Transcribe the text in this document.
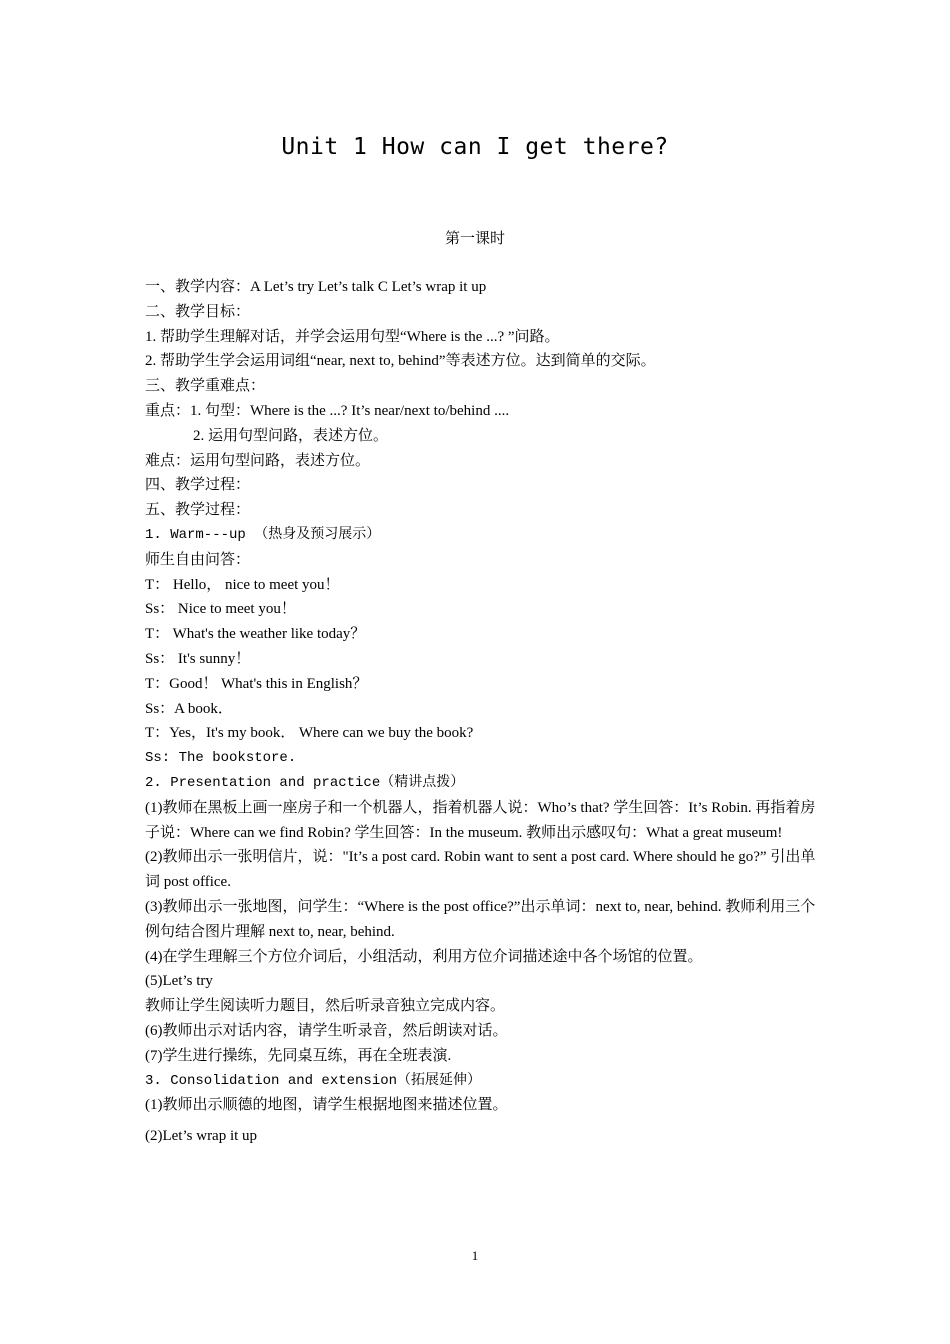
Unit 1 How can I get there?
第一课时
一、教学内容：A Let’s try Let’s talk C Let’s wrap it up
二、教学目标：
1. 帮助学生理解对话，并学会运用句型“Where is the ...? ”问路。
2. 帮助学生学会运用词组“near, next to, behind”等表述方位。达到简单的交际。
三、教学重难点：
重点：1. 句型：Where is the ...? It’s near/next to/behind ....
2. 运用句型问路，表述方位。
难点：运用句型问路，表述方位。
四、教学过程：
五、教学过程：
1. Warm---up （热身及预习展示）
师生自由问答：
T： Hello， nice to meet you！
Ss： Nice to meet you！
T： What's the weather like today？
Ss： It's sunny！
T：Good！ What's this in English？
Ss：A book．
T：Yes，It's my book． Where can we buy the book?
Ss: The bookstore.
2. Presentation and practice（精讲点拨）
(1)教师在黑板上画一座房子和一个机器人，指着机器人说：Who’s that? 学生回答：It’s Robin. 再指着房子说：Where can we find Robin? 学生回答：In the museum. 教师出示感叹句：What a great museum!
(2)教师出示一张明信片，说："It’s a post card. Robin want to sent a post card. Where should he go?” 引出单词 post office.
(3)教师出示一张地图，问学生：“Where is the post office?”出示单词：next to, near, behind. 教师利用三个例句结合图片理解 next to, near, behind.
(4)在学生理解三个方位介词后，小组活动，利用方位介词描述途中各个场馆的位置。
(5)Let’s try
教师让学生阅读听力题目，然后听录音独立完成内容。
(6)教师出示对话内容，请学生听录音，然后朗读对话。
(7)学生进行操练，先同桌互练，再在全班表演.
3. Consolidation and extension（拓展延伸）
(1)教师出示顺德的地图，请学生根据地图来描述位置。
(2)Let’s wrap it up
1
